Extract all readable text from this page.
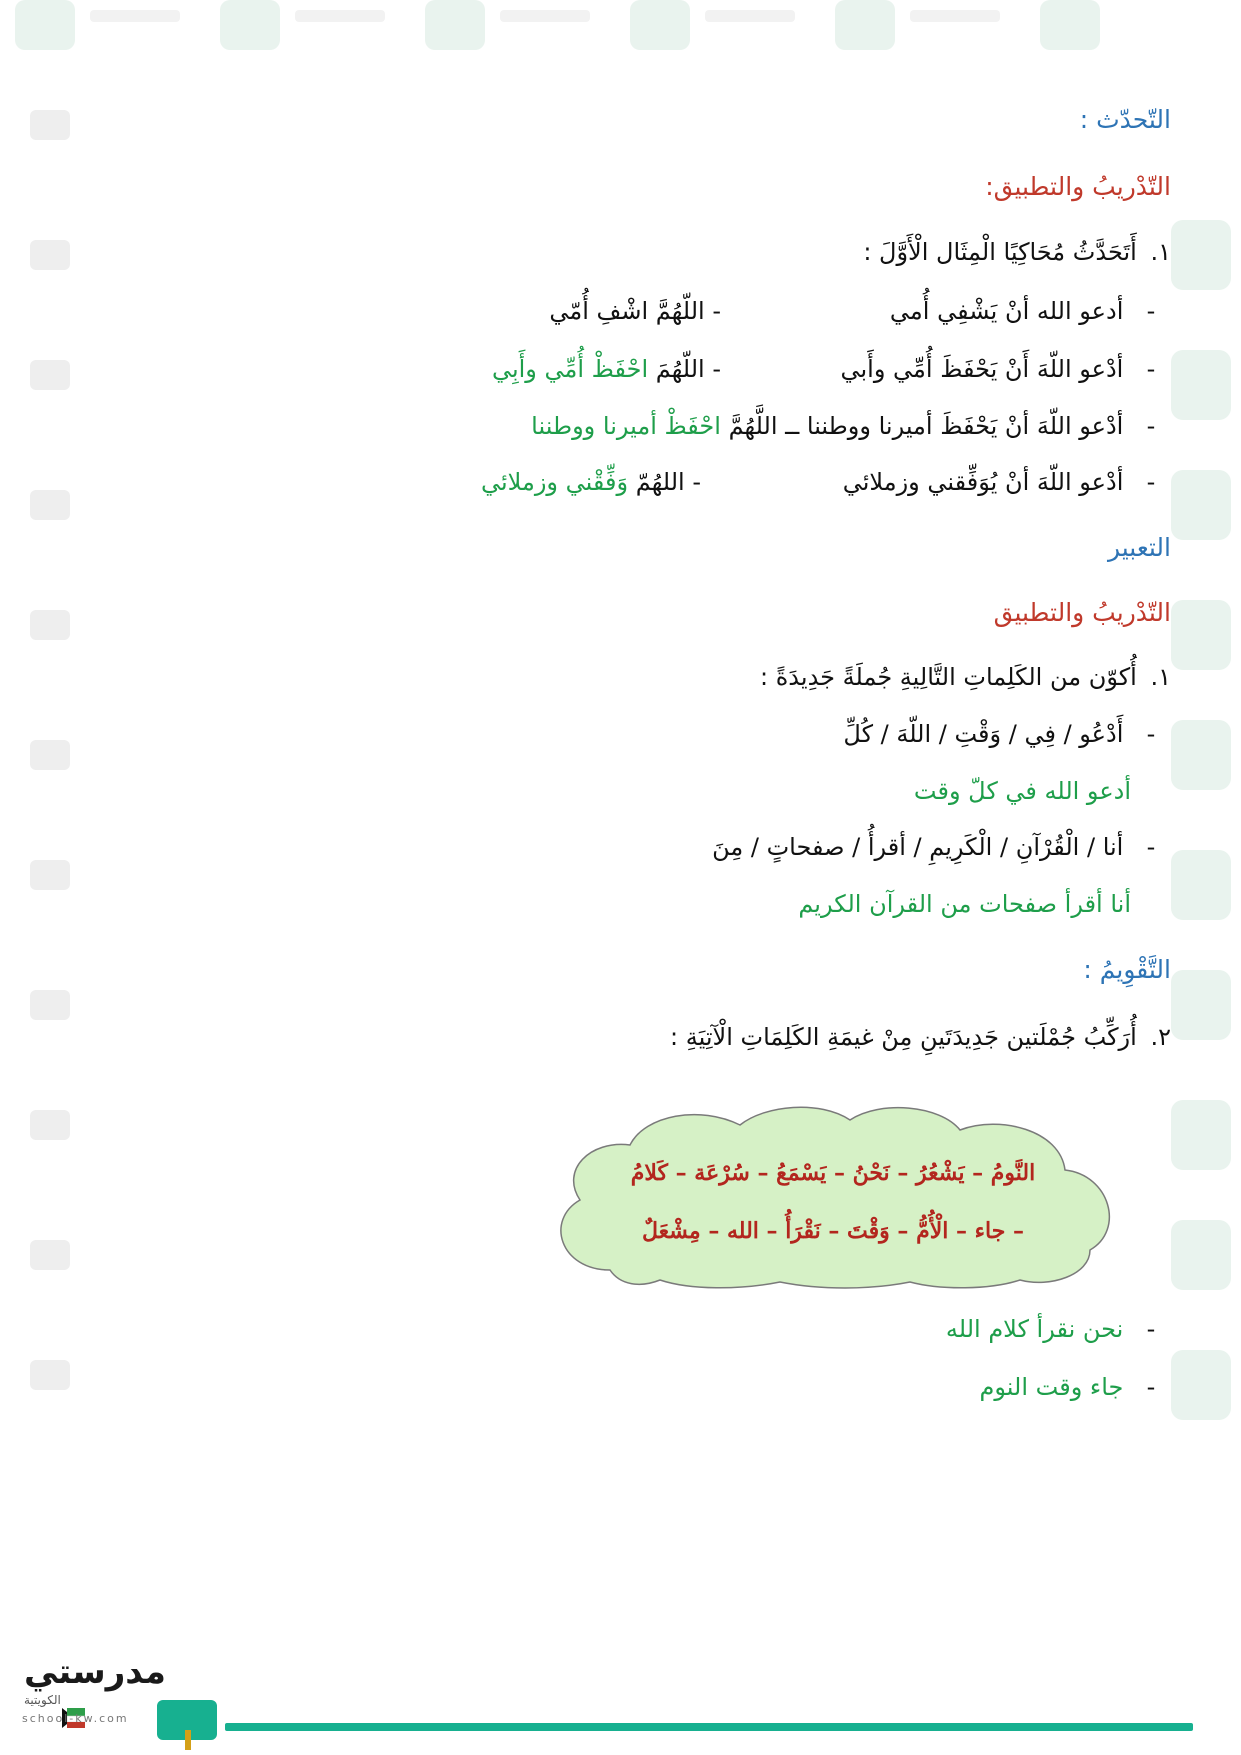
التّحدّث :
التّدْريبُ والتطبيق:
١. أَتَحَدَّثُ مُحَاكِيًا الْمِثَال الْأَوَّلَ :
- أدعو الله أنْ يَشْفِي أُمي
- اللّهُمَّ اشْفِ أُمّي
- أدْعو اللّهَ أَنْ يَحْفَظَ أُمِّي وأَبي
- اللّهُمَ احْفَظْ أُمِّي وأَبِي
- أدْعو اللّهَ أنْ يَحْفَظَ أميرنا ووطننا ــ اللَّهُمَّ احْفَظْ أميرنا ووطننا
- أدْعو اللّهَ أنْ يُوَفِّقني وزملائي
- اللهُمّ وَفِّقْني وزملائي
التعبير
التّدْريبُ والتطبيق
١. أُكوّن من الكَلِماتِ التَّالِيةِ جُملَةً جَدِيدَةً :
- أَدْعُو / فِي / وَقْتِ / اللّهَ / كُلِّ
أدعو الله في كلّ وقت
- أنا / الْقُرْآنِ / الْكَرِيمِ / أقرأُ / صفحاتٍ / مِنَ
أنا أقرأ صفحات من القرآن الكريم
التَّقْوِيمُ :
٢. أُرَكِّبُ جُمْلَتين جَدِيدَتَينِ مِنْ غيمَةِ الكَلِمَاتِ الْآتِيَةِ :
النَّومُ – يَشْعُرُ – نَحْنُ – يَسْمَعُ – سُرْعَة – كَلامُ
– جاء – الْأُمُّ – وَقْتَ – نَقْرَأُ – الله – مِشْعَلٌ
- نحن نقرأ كلام الله
- جاء وقت النوم
مدرستي
الكويتية
school-kw.com
